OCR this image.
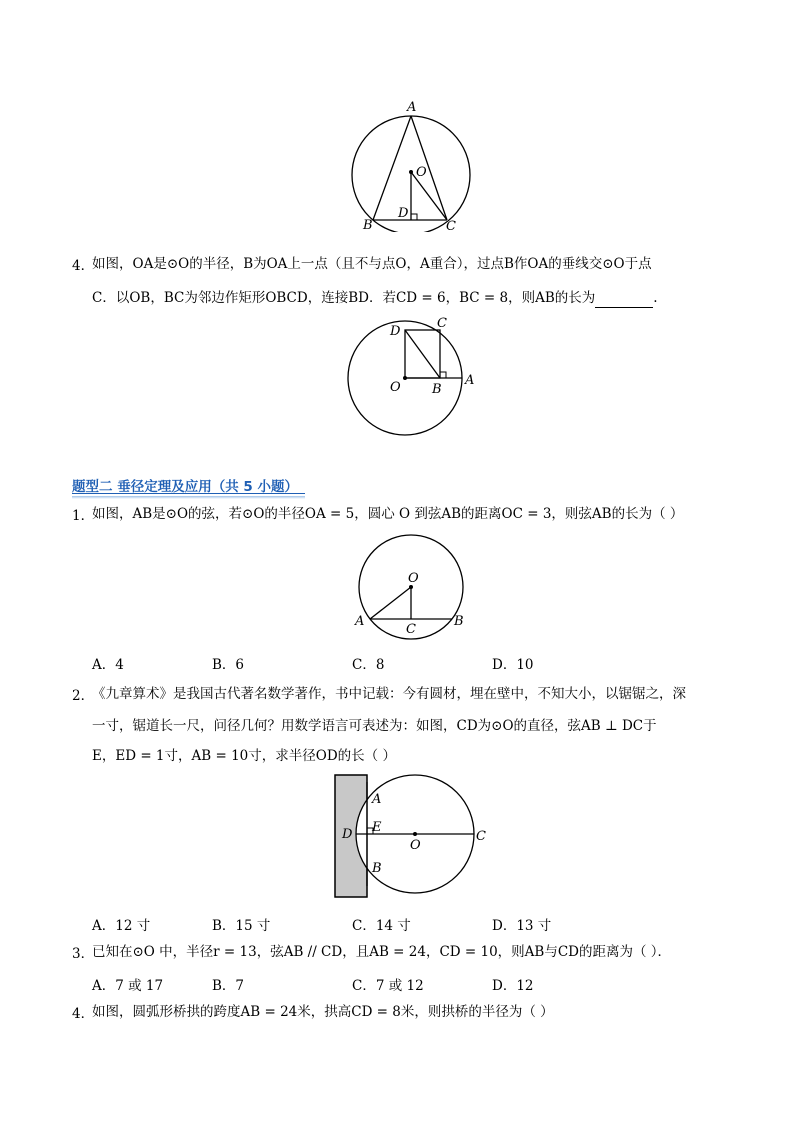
A
O
D
B	C
4．
如图，OA是⊙O的半径，B为OA上一点（且不与点O，A重合），过点B作OA的垂线交⊙O于点
C．以OB，BC为邻边作矩形OBCD，连接BD．若CD = 6，BC = 8，则AB的长为	.
D
C
O B
A
题型二 垂径定理及应用（共 5 小题）
1．
如图，AB是⊙O的弦，若⊙O的半径OA = 5，圆心 O 到弦AB的距离OC = 3，则弦AB的长为（ ）
O
A
C
B
A．4	B．6	C．8	D．10
2．
《九章算术》是我国古代著名数学著作，书中记载：今有圆材，埋在壁中，不知大小，以锯锯之，深
一寸，锯道长一尺，问径几何？用数学语言可表述为：如图，CD为⊙O的直径，弦AB ⊥ DC于
E，ED = 1寸，AB = 10寸，求半径OD的长（ ）
A
E
D
O
C
B
A．12 寸	B．15 寸	C．14 寸	D．13 寸
3．
已知在⊙O 中，半径r = 13，弦AB // CD，且AB = 24，CD = 10，则AB与CD的距离为（ ）．
A．7 或 17	B．7	C．7 或 12	D．12
4．
如图，圆弧形桥拱的跨度AB = 24米，拱高CD = 8米，则拱桥的半径为（ ）
